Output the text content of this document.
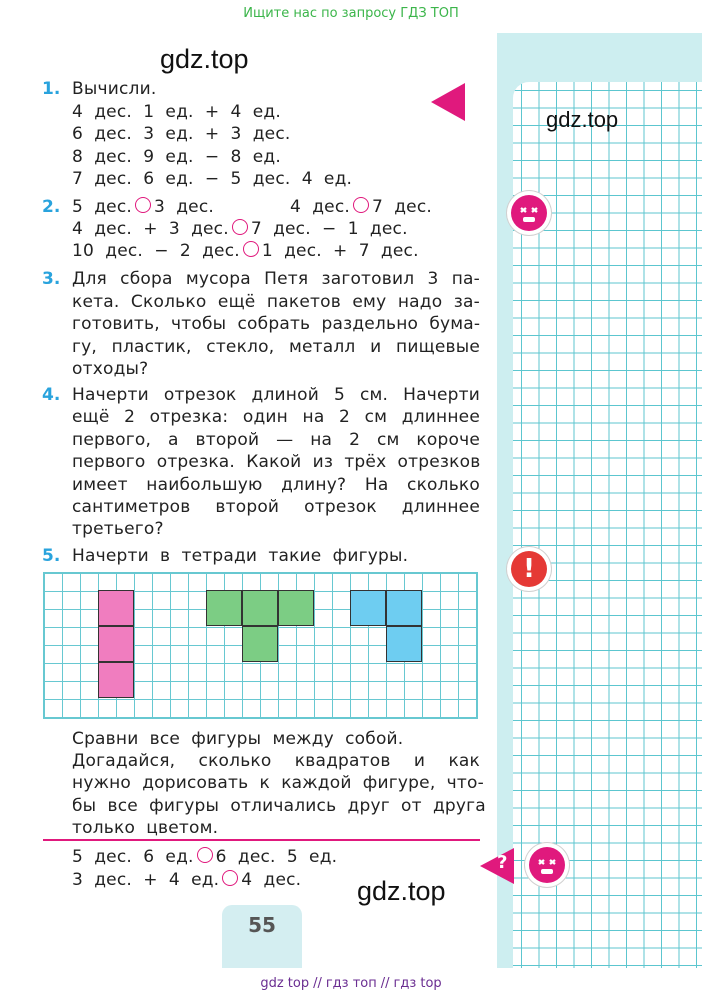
Ищите нас по запросу ГДЗ ТОП
gdz.top
gdz.top
gdz.top
1. Вычисли.
4  дес.  1  ед.  +  4  ед.
6  дес.  3  ед.  +  3  дес.
8  дес.  9  ед.  −  8  ед.
7  дес.  6  ед.  −  5  дес.  4  ед.
2. 5  дес. 3  дес.	4  дес. 7  дес.
4  дес.  +  3  дес. 7  дес.  −  1  дес.
10  дес.  −  2  дес. 1  дес.  +  7  дес.
3. Для  сбора  мусора  Петя  заготовил  3  па-
кета.  Сколько  ещё  пакетов  ему  надо  за-
готовить,  чтобы  собрать  раздельно  бума-
гу,  пластик,  стекло,  металл  и  пищевые
отходы?
4. Начерти  отрезок  длиной  5  см.  Начерти
ещё  2  отрезка:  один  на  2  см  длиннее
первого,  а  второй  —  на  2  см  короче
первого  отрезка.  Какой  из  трёх  отрезков
имеет  наибольшую  длину?  На  сколько
сантиметров  второй  отрезок  длиннее
третьего?
5. Начерти  в  тетради  такие  фигуры.
Сравни  все  фигуры  между  собой.
Догадайся,  сколько  квадратов  и  как
нужно  дорисовать  к  каждой  фигуре,  что-
бы  все  фигуры  отличались  друг  от  друга
только  цветом.
5  дес.  6  ед. 6  дес.  5  ед.
3  дес.  +  4  ед. 4  дес.
55
!
?
gdz top // гдз топ // гдз top
